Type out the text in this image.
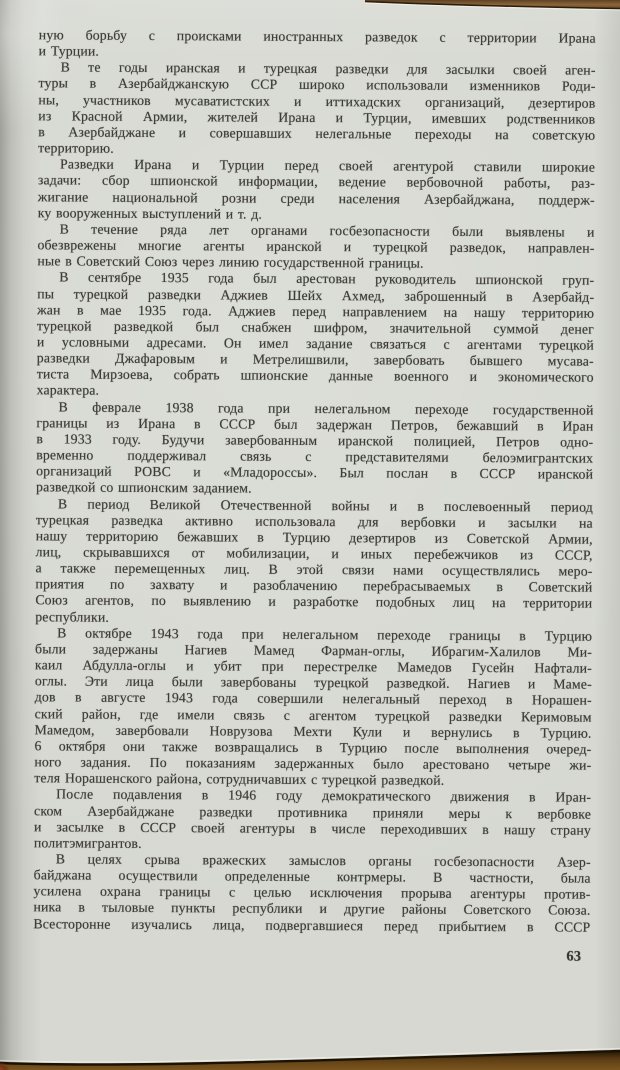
ную борьбу с происками иностранных разведок с территории Ирана
и Турции.
В те годы иранская и турецкая разведки для засылки своей аген-
туры в Азербайджанскую ССР широко использовали изменников Роди-
ны, участников мусаватистских и иттихадских организаций, дезертиров
из Красной Армии, жителей Ирана и Турции, имевших родственников
в Азербайджане и совершавших нелегальные переходы на советскую
территорию.
Разведки Ирана и Турции перед своей агентурой ставили широкие
задачи: сбор шпионской информации, ведение вербовочной работы, раз-
жигание национальной розни среди населения Азербайджана, поддерж-
ку вооруженных выступлений и т. д.
В течение ряда лет органами госбезопасности были выявлены и
обезврежены многие агенты иранской и турецкой разведок, направлен-
ные в Советский Союз через линию государственной границы.
В сентябре 1935 года был арестован руководитель шпионской груп-
пы турецкой разведки Аджиев Шейх Ахмед, заброшенный в Азербайд-
жан в мае 1935 года. Аджиев перед направлением на нашу территорию
турецкой разведкой был снабжен шифром, значительной суммой денег
и условными адресами. Он имел задание связаться с агентами турецкой
разведки Джафаровым и Метрелишвили, завербовать бывшего мусава-
тиста Мирзоева, собрать шпионские данные военного и экономического
характера.
В феврале 1938 года при нелегальном переходе государственной
границы из Ирана в СССР был задержан Петров, бежавший в Иран
в 1933 году. Будучи завербованным иранской полицией, Петров одно-
временно поддерживал связь с представителями белоэмигрантских
организаций РОВС и «Младороссы». Был послан в СССР иранской
разведкой со шпионским заданием.
В период Великой Отечественной войны и в послевоенный период
турецкая разведка активно использовала для вербовки и засылки на
нашу территорию бежавших в Турцию дезертиров из Советской Армии,
лиц, скрывавшихся от мобилизации, и иных перебежчиков из СССР,
а также перемещенных лиц. В этой связи нами осуществлялись меро-
приятия по захвату и разоблачению перебрасываемых в Советский
Союз агентов, по выявлению и разработке подобных лиц на территории
республики.
В октябре 1943 года при нелегальном переходе границы в Турцию
были задержаны Нагиев Мамед Фарман-оглы, Ибрагим-Халилов Ми-
каил Абдулла-оглы и убит при перестрелке Мамедов Гусейн Нафтали-
оглы. Эти лица были завербованы турецкой разведкой. Нагиев и Маме-
дов в августе 1943 года совершили нелегальный переход в Норашен-
ский район, где имели связь с агентом турецкой разведки Керимовым
Мамедом, завербовали Новрузова Мехти Кули и вернулись в Турцию.
6 октября они также возвращались в Турцию после выполнения очеред-
ного задания. По показаниям задержанных было арестовано четыре жи-
теля Норашенского района, сотрудничавших с турецкой разведкой.
После подавления в 1946 году демократического движения в Иран-
ском Азербайджане разведки противника приняли меры к вербовке
и засылке в СССР своей агентуры в числе переходивших в нашу страну
политэмигрантов.
В целях срыва вражеских замыслов органы госбезопасности Азер-
байджана осуществили определенные контрмеры. В частности, была
усилена охрана границы с целью исключения прорыва агентуры против-
ника в тыловые пункты республики и другие районы Советского Союза.
Всесторонне изучались лица, подвергавшиеся перед прибытием в СССР
63
